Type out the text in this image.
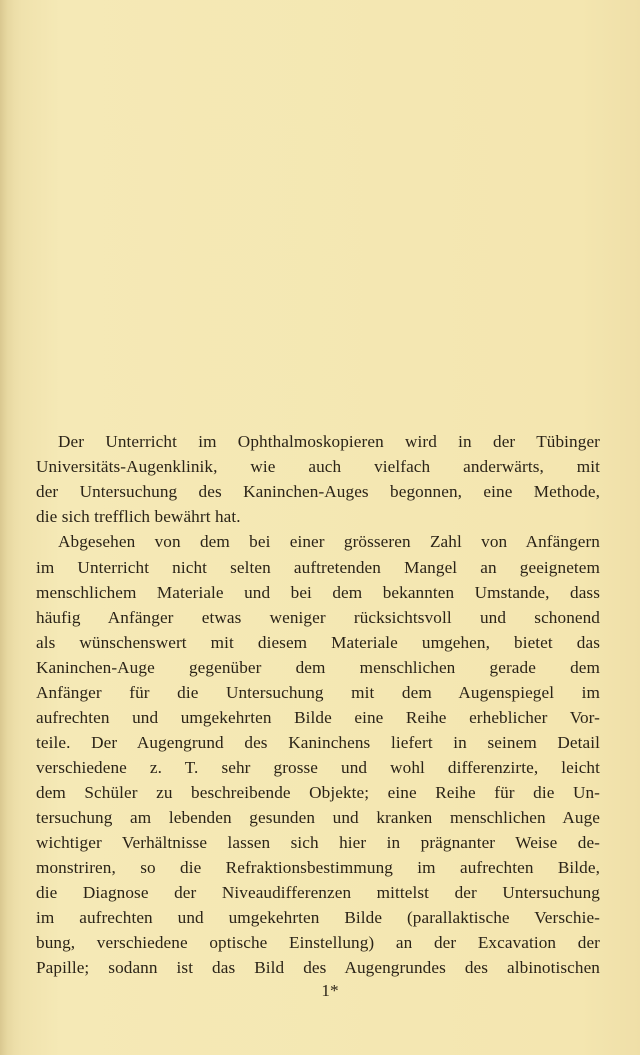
Der Unterricht im Ophthalmoskopieren wird in der Tübinger
Universitäts-Augenklinik, wie auch vielfach anderwärts, mit
der Untersuchung des Kaninchen-Auges begonnen, eine Methode,
die sich trefflich bewährt hat.
Abgesehen von dem bei einer grösseren Zahl von Anfängern
im Unterricht nicht selten auftretenden Mangel an geeignetem
menschlichem Materiale und bei dem bekannten Umstande, dass
häufig Anfänger etwas weniger rücksichtsvoll und schonend
als wünschenswert mit diesem Materiale umgehen, bietet das
Kaninchen-Auge gegenüber dem menschlichen gerade dem
Anfänger für die Untersuchung mit dem Augenspiegel im
aufrechten und umgekehrten Bilde eine Reihe erheblicher Vor-
teile. Der Augengrund des Kaninchens liefert in seinem Detail
verschiedene z. T. sehr grosse und wohl differenzirte, leicht
dem Schüler zu beschreibende Objekte; eine Reihe für die Un-
tersuchung am lebenden gesunden und kranken menschlichen Auge
wichtiger Verhältnisse lassen sich hier in prägnanter Weise de-
monstriren, so die Refraktionsbestimmung im aufrechten Bilde,
die Diagnose der Niveaudifferenzen mittelst der Untersuchung
im aufrechten und umgekehrten Bilde (parallaktische Verschie-
bung, verschiedene optische Einstellung) an der Excavation der
Papille; sodann ist das Bild des Augengrundes des albinotischen
1*
